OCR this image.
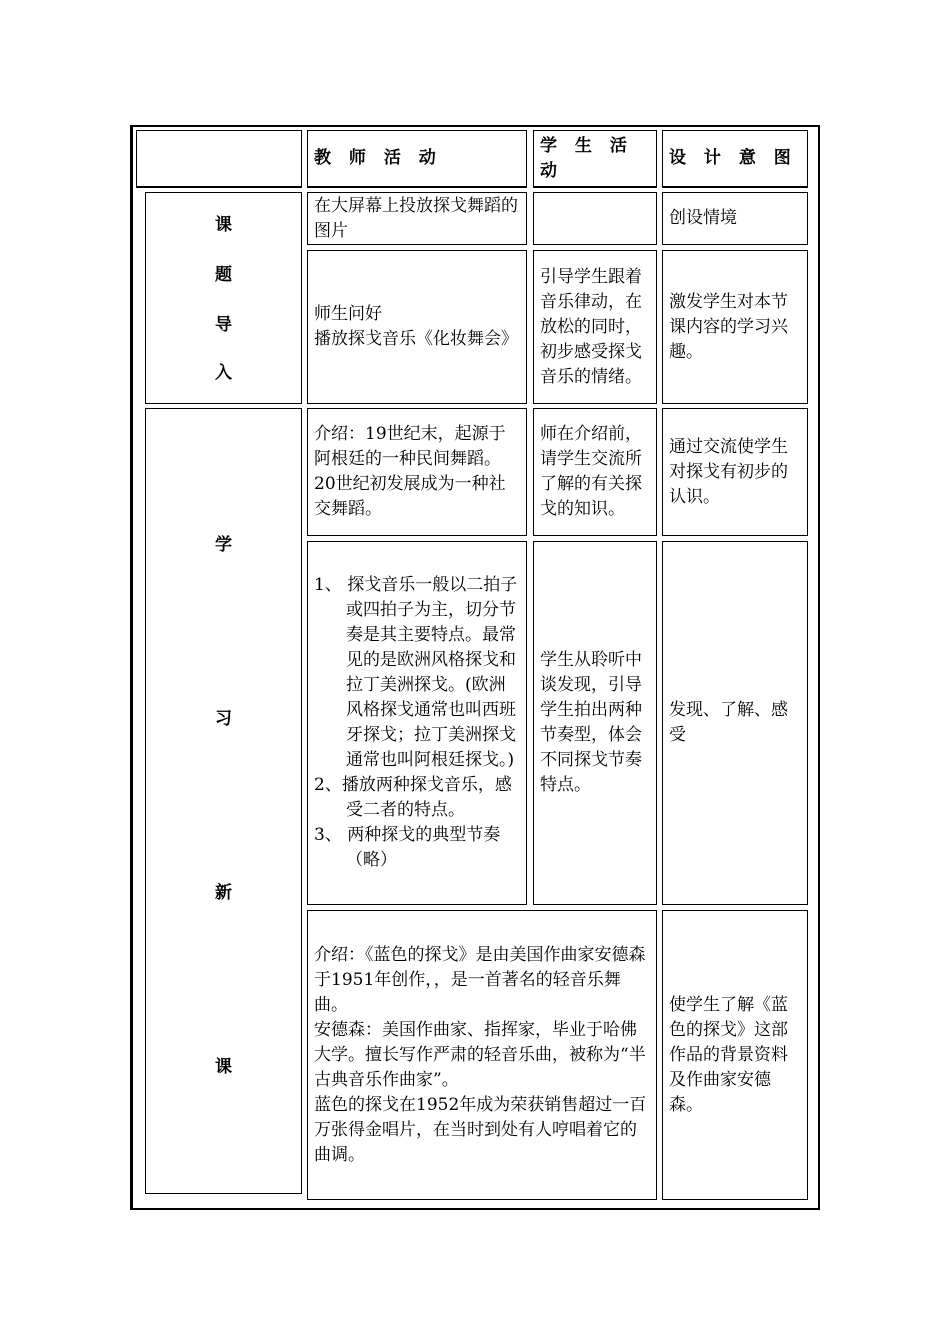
教 师 活 动
学 生 活 动
设 计 意 图
课
题
导
入
在大屏幕上投放探戈舞蹈的图片
创设情境
师生问好
播放探戈音乐《化妆舞会》
引导学生跟着音乐律动，在放松的同时，初步感受探戈音乐的情绪。
激发学生对本节课内容的学习兴趣。
学
习
新
课
介绍：19世纪末，起源于阿根廷的一种民间舞蹈。20世纪初发展成为一种社交舞蹈。
师在介绍前，请学生交流所了解的有关探戈的知识。
通过交流使学生对探戈有初步的认识。
1、 探戈音乐一般以二拍子或四拍子为主，切分节奏是其主要特点。最常见的是欧洲风格探戈和拉丁美洲探戈。(欧洲风格探戈通常也叫西班牙探戈；拉丁美洲探戈通常也叫阿根廷探戈。)
2、播放两种探戈音乐，感受二者的特点。
3、 两种探戈的典型节奏（略）
学生从聆听中谈发现，引导学生拍出两种节奏型，体会不同探戈节奏特点。
发现、了解、感受
介绍：《蓝色的探戈》是由美国作曲家安德森于1951年创作，，是一首著名的轻音乐舞曲。
安德森：美国作曲家、指挥家，毕业于哈佛大学。擅长写作严肃的轻音乐曲，被称为“半古典音乐作曲家”。
蓝色的探戈在1952年成为荣获销售超过一百万张得金唱片，在当时到处有人哼唱着它的曲调。
使学生了解《蓝色的探戈》这部作品的背景资料及作曲家安德森。
